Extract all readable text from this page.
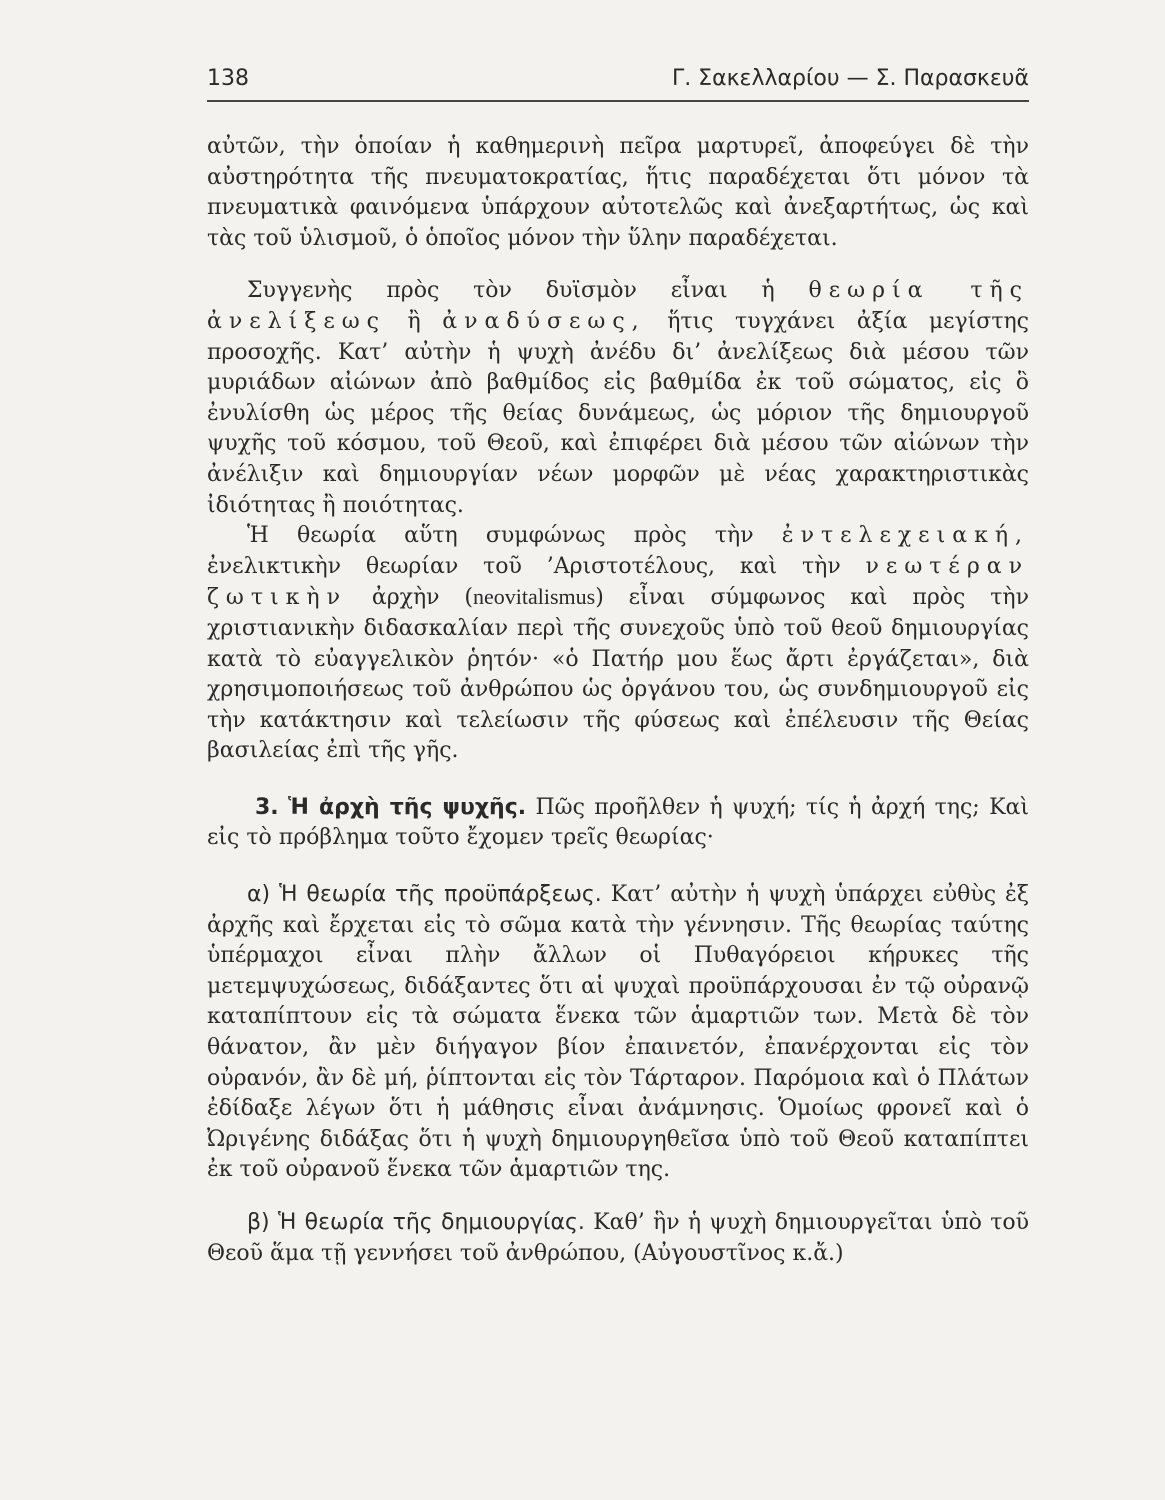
138	Γ. Σακελλαρίου — Σ. Παρασκευᾶ

αὐτῶν, τὴν ὁποίαν ἡ καθημερινὴ πεῖρα μαρτυρεῖ, ἀποφεύγει δὲ τὴν αὐστηρότητα τῆς πνευματοκρατίας, ἥτις παραδέχεται ὅτι μόνον τὰ πνευματικὰ φαινόμενα ὑπάρχουν αὐτοτελῶς καὶ ἀνεξαρτήτως, ὡς καὶ τὰς τοῦ ὑλισμοῦ, ὁ ὁποῖος μόνον τὴν ὕλην παραδέχεται.

Συγγενὴς πρὸς τὸν δυϊσμὸν εἶναι ἡ θεωρία τῆς ἀνελίξεως ἢ ἀναδύσεως, ἥτις τυγχάνει ἀξία μεγίστης προσοχῆς. Κατ’ αὐτὴν ἡ ψυχὴ ἀνέδυ δι’ ἀνελίξεως διὰ μέσου τῶν μυριάδων αἰώνων ἀπὸ βαθμίδος εἰς βαθμίδα ἐκ τοῦ σώματος, εἰς ὃ ἐνυλίσθη ὡς μέρος τῆς θείας δυνάμεως, ὡς μόριον τῆς δημιουργοῦ ψυχῆς τοῦ κόσμου, τοῦ Θεοῦ, καὶ ἐπιφέρει διὰ μέσου τῶν αἰώνων τὴν ἀνέλιξιν καὶ δημιουργίαν νέων μορφῶν μὲ νέας χαρακτηριστικὰς ἰδιότητας ἢ ποιότητας.

Ἡ θεωρία αὕτη συμφώνως πρὸς τὴν ἐντελεχειακή, ἐνελικτικὴν θεωρίαν τοῦ ’Αριστοτέλους, καὶ τὴν νεωτέραν ζωτικὴν ἀρχὴν (neovitalismus) εἶναι σύμφωνος καὶ πρὸς τὴν χριστιανικὴν διδασκαλίαν περὶ τῆς συνεχοῦς ὑπὸ τοῦ θεοῦ δημιουργίας κατὰ τὸ εὐαγγελικὸν ῥητόν· «ὁ Πατήρ μου ἕως ἄρτι ἐργάζεται», διὰ χρησιμοποιήσεως τοῦ ἀνθρώπου ὡς ὀργάνου του, ὡς συνδημιουργοῦ εἰς τὴν κατάκτησιν καὶ τελείωσιν τῆς φύσεως καὶ ἐπέλευσιν τῆς Θείας βασιλείας ἐπὶ τῆς γῆς.

3. Ἡ ἀρχὴ τῆς ψυχῆς. Πῶς προῆλθεν ἡ ψυχή; τίς ἡ ἀρχή της; Καὶ εἰς τὸ πρόβλημα τοῦτο ἔχομεν τρεῖς θεωρίας·

α) Ἡ θεωρία τῆς προϋπάρξεως. Κατ’ αὐτὴν ἡ ψυχὴ ὑπάρχει εὐθὺς ἐξ ἀρχῆς καὶ ἔρχεται εἰς τὸ σῶμα κατὰ τὴν γέννησιν. Τῆς θεωρίας ταύτης ὑπέρμαχοι εἶναι πλὴν ἄλλων οἱ Πυθαγόρειοι κήρυκες τῆς μετεμψυχώσεως, διδάξαντες ὅτι αἱ ψυχαὶ προϋπάρχουσαι ἐν τῷ οὐρανῷ καταπίπτουν εἰς τὰ σώματα ἕνεκα τῶν ἁμαρτιῶν των. Μετὰ δὲ τὸν θάνατον, ἂν μὲν διήγαγον βίον ἐπαινετόν, ἐπανέρχονται εἰς τὸν οὐρανόν, ἂν δὲ μή, ῥίπτονται εἰς τὸν Τάρταρον. Παρόμοια καὶ ὁ Πλάτων ἐδίδαξε λέγων ὅτι ἡ μάθησις εἶναι ἀνάμνησις. Ὁμοίως φρονεῖ καὶ ὁ Ὠριγένης διδάξας ὅτι ἡ ψυχὴ δημιουργηθεῖσα ὑπὸ τοῦ Θεοῦ καταπίπτει ἐκ τοῦ οὐρανοῦ ἕνεκα τῶν ἁμαρτιῶν της.

β) Ἡ θεωρία τῆς δημιουργίας. Καθ’ ἣν ἡ ψυχὴ δημιουργεῖται ὑπὸ τοῦ Θεοῦ ἅμα τῇ γεννήσει τοῦ ἀνθρώπου, (Αὐγουστῖνος κ.ἄ.)
